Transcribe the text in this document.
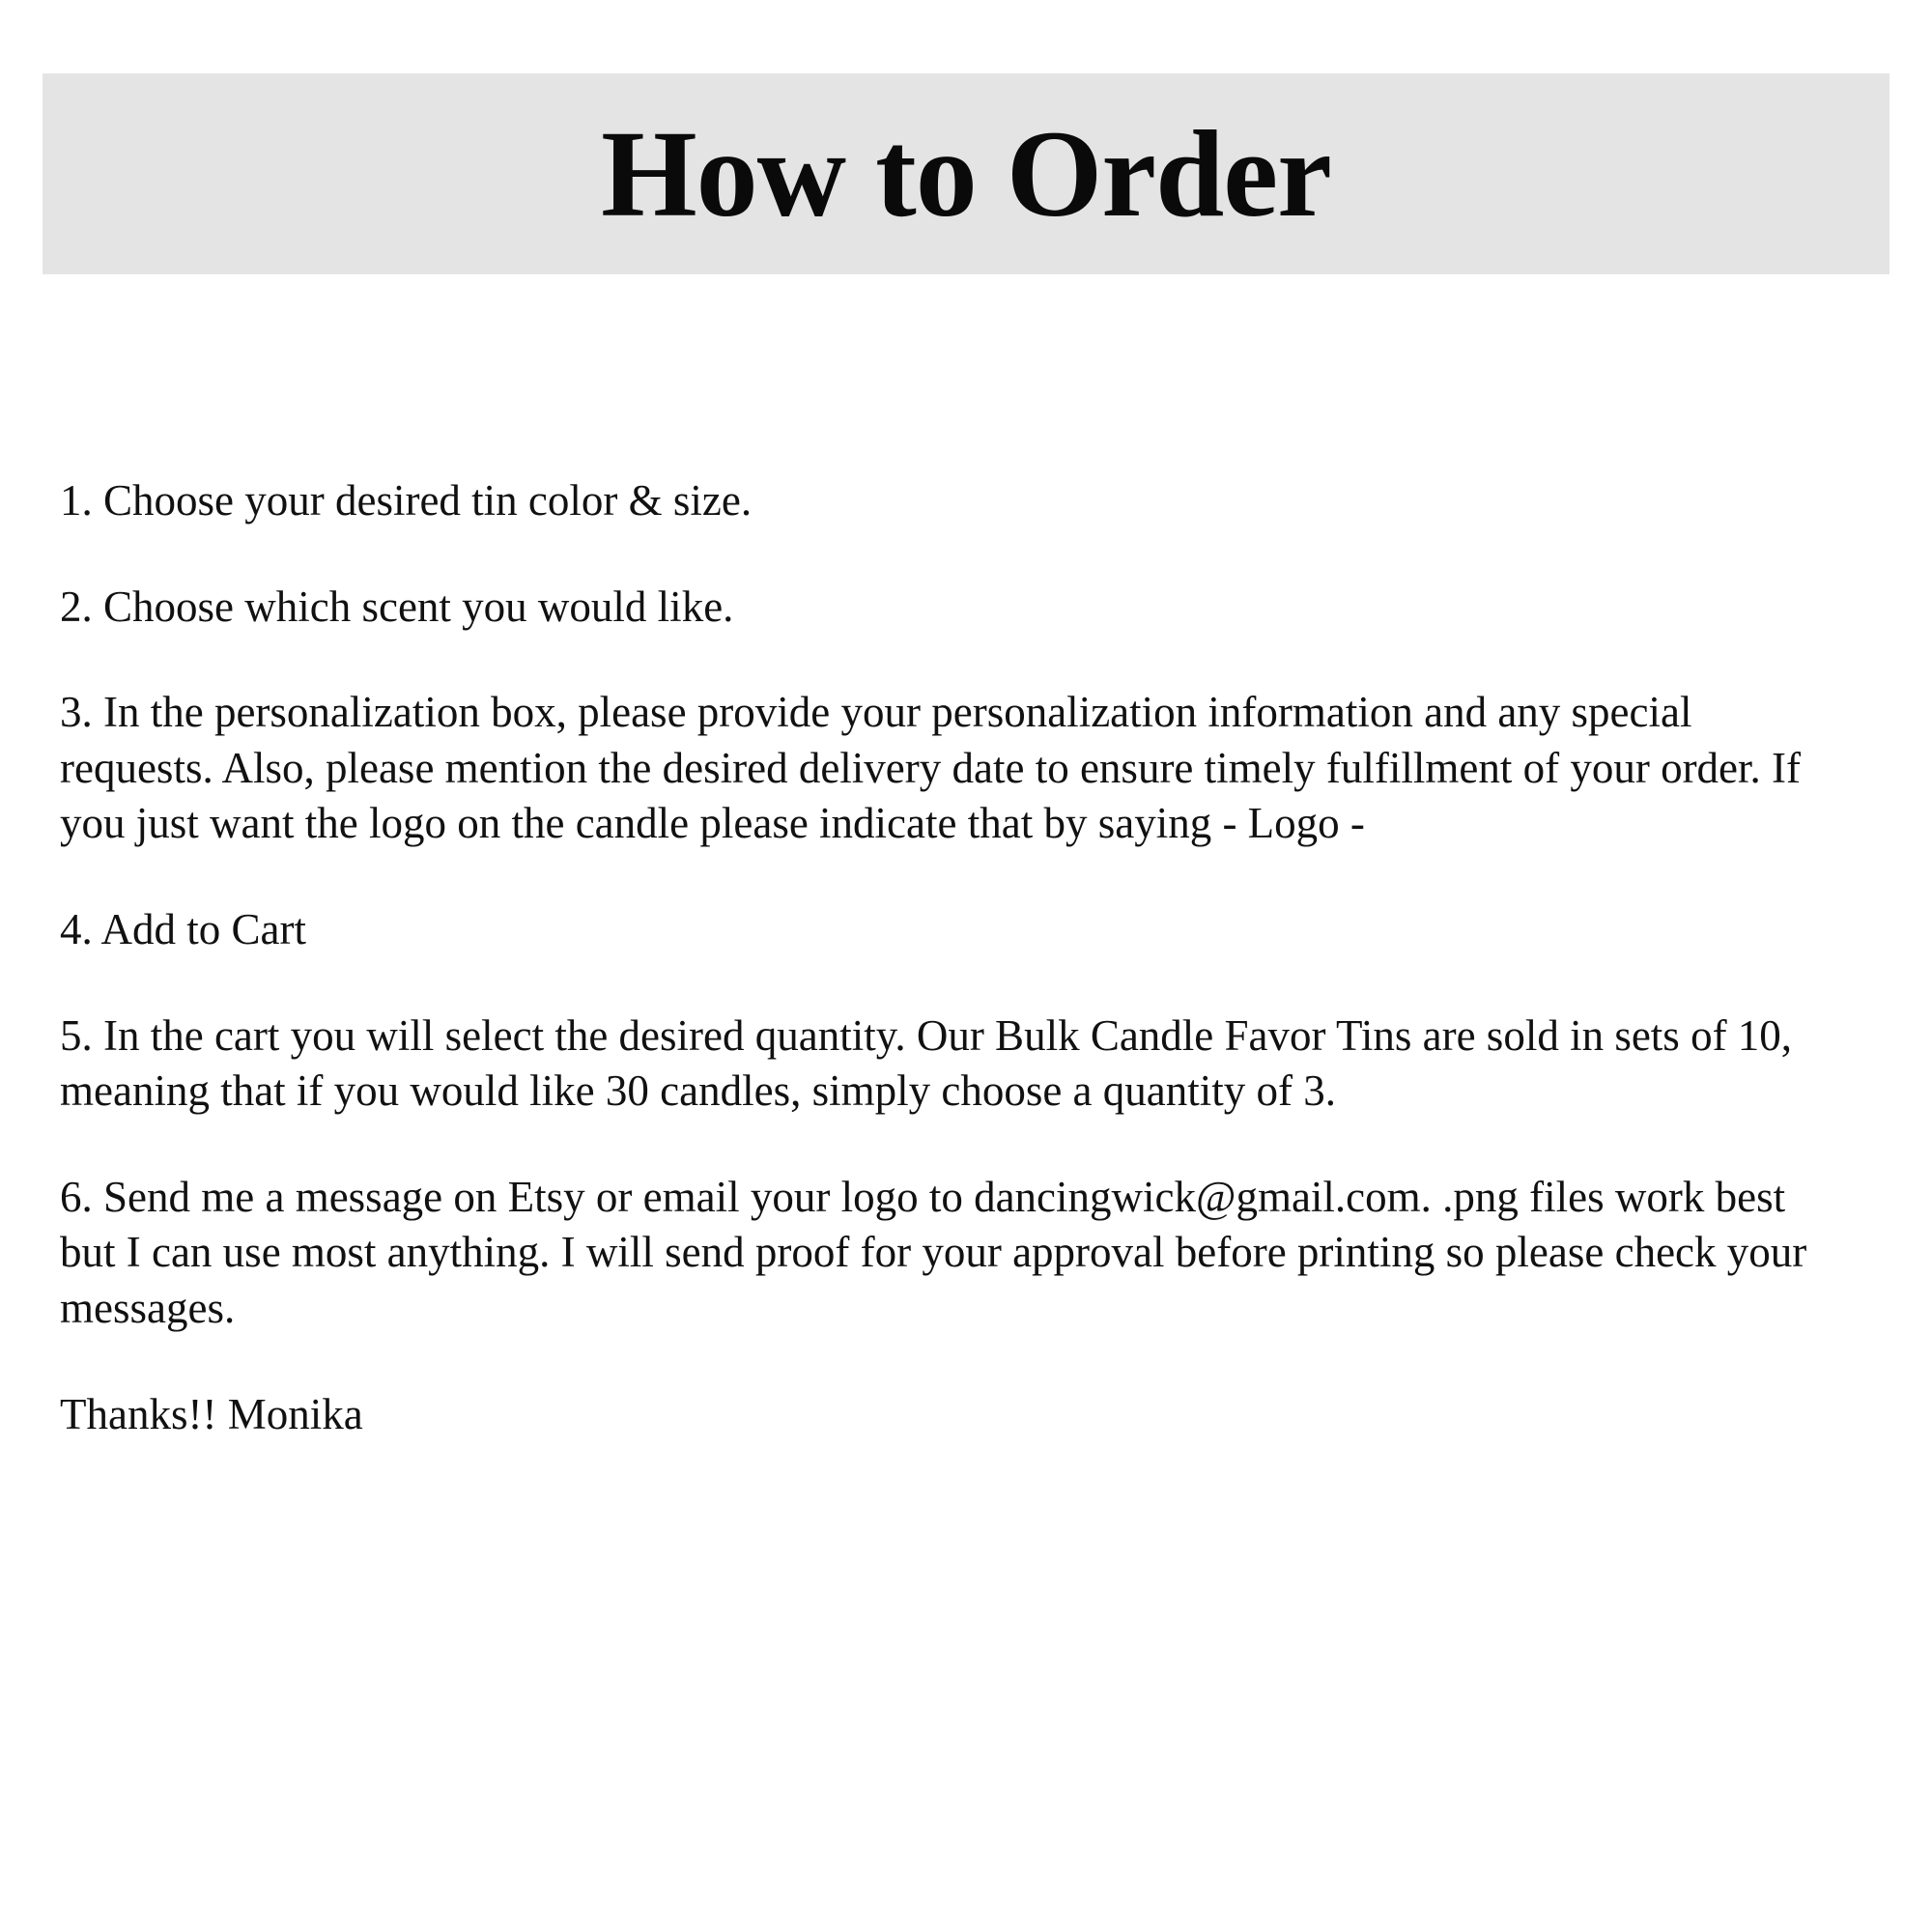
How to Order

1. Choose your desired tin color & size.

2. Choose which scent you would like.

3. In the personalization box, please provide your personalization information and any special requests. Also, please mention the desired delivery date to ensure timely fulfillment of your order. If you just want the logo on the candle please indicate that by saying - Logo -

4. Add to Cart

5. In the cart you will select the desired quantity. Our Bulk Candle Favor Tins are sold in sets of 10, meaning that if you would like 30 candles, simply choose a quantity of 3.

6. Send me a message on Etsy or email your logo to dancingwick@gmail.com. .png files work best but I can use most anything. I will send proof for your approval before printing so please check your messages.

Thanks!! Monika
